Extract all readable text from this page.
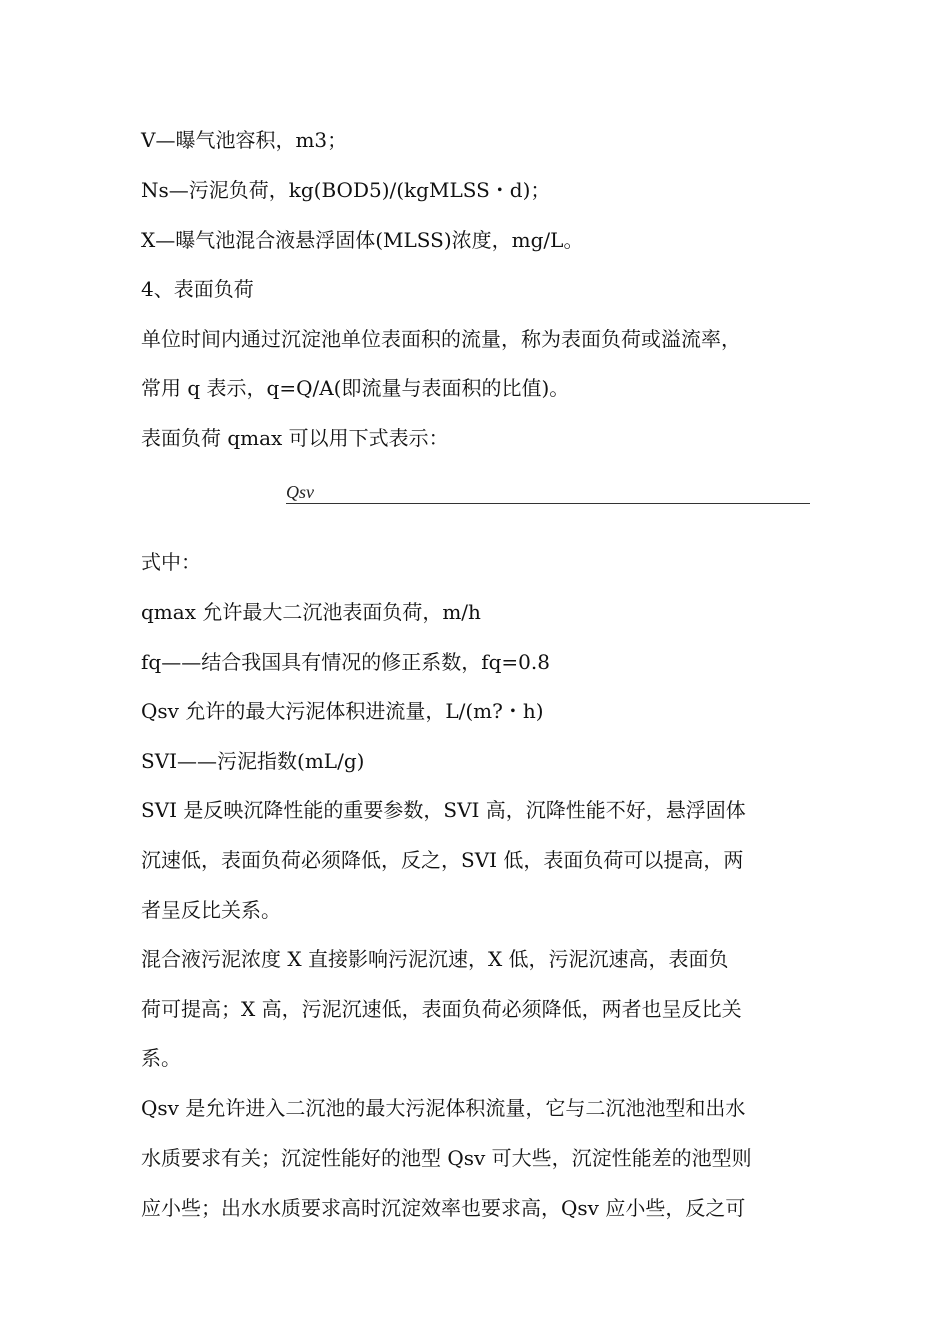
V—曝气池容积，m3；
Ns—污泥负荷，kg(BOD5)/(kgMLSS・d)；
X—曝气池混合液悬浮固体(MLSS)浓度，mg/L。
4、表面负荷
单位时间内通过沉淀池单位表面积的流量，称为表面负荷或溢流率，
常用 q 表示，q=Q/A(即流量与表面积的比值)。
表面负荷 qmax 可以用下式表示：
Qsv
式中：
qmax 允许最大二沉池表面负荷，m/h
fq——结合我国具有情况的修正系数，fq=0.8
Qsv 允许的最大污泥体积进流量，L/(m?・h)
SVI——污泥指数(mL/g)
SVI 是反映沉降性能的重要参数，SVI 高，沉降性能不好，悬浮固体
沉速低，表面负荷必须降低，反之，SVI 低，表面负荷可以提高，两
者呈反比关系。
混合液污泥浓度 X 直接影响污泥沉速，X 低，污泥沉速高，表面负
荷可提高；X 高，污泥沉速低，表面负荷必须降低，两者也呈反比关
系。
Qsv 是允许进入二沉池的最大污泥体积流量，它与二沉池池型和出水
水质要求有关；沉淀性能好的池型 Qsv 可大些，沉淀性能差的池型则
应小些；出水水质要求高时沉淀效率也要求高，Qsv 应小些，反之可
